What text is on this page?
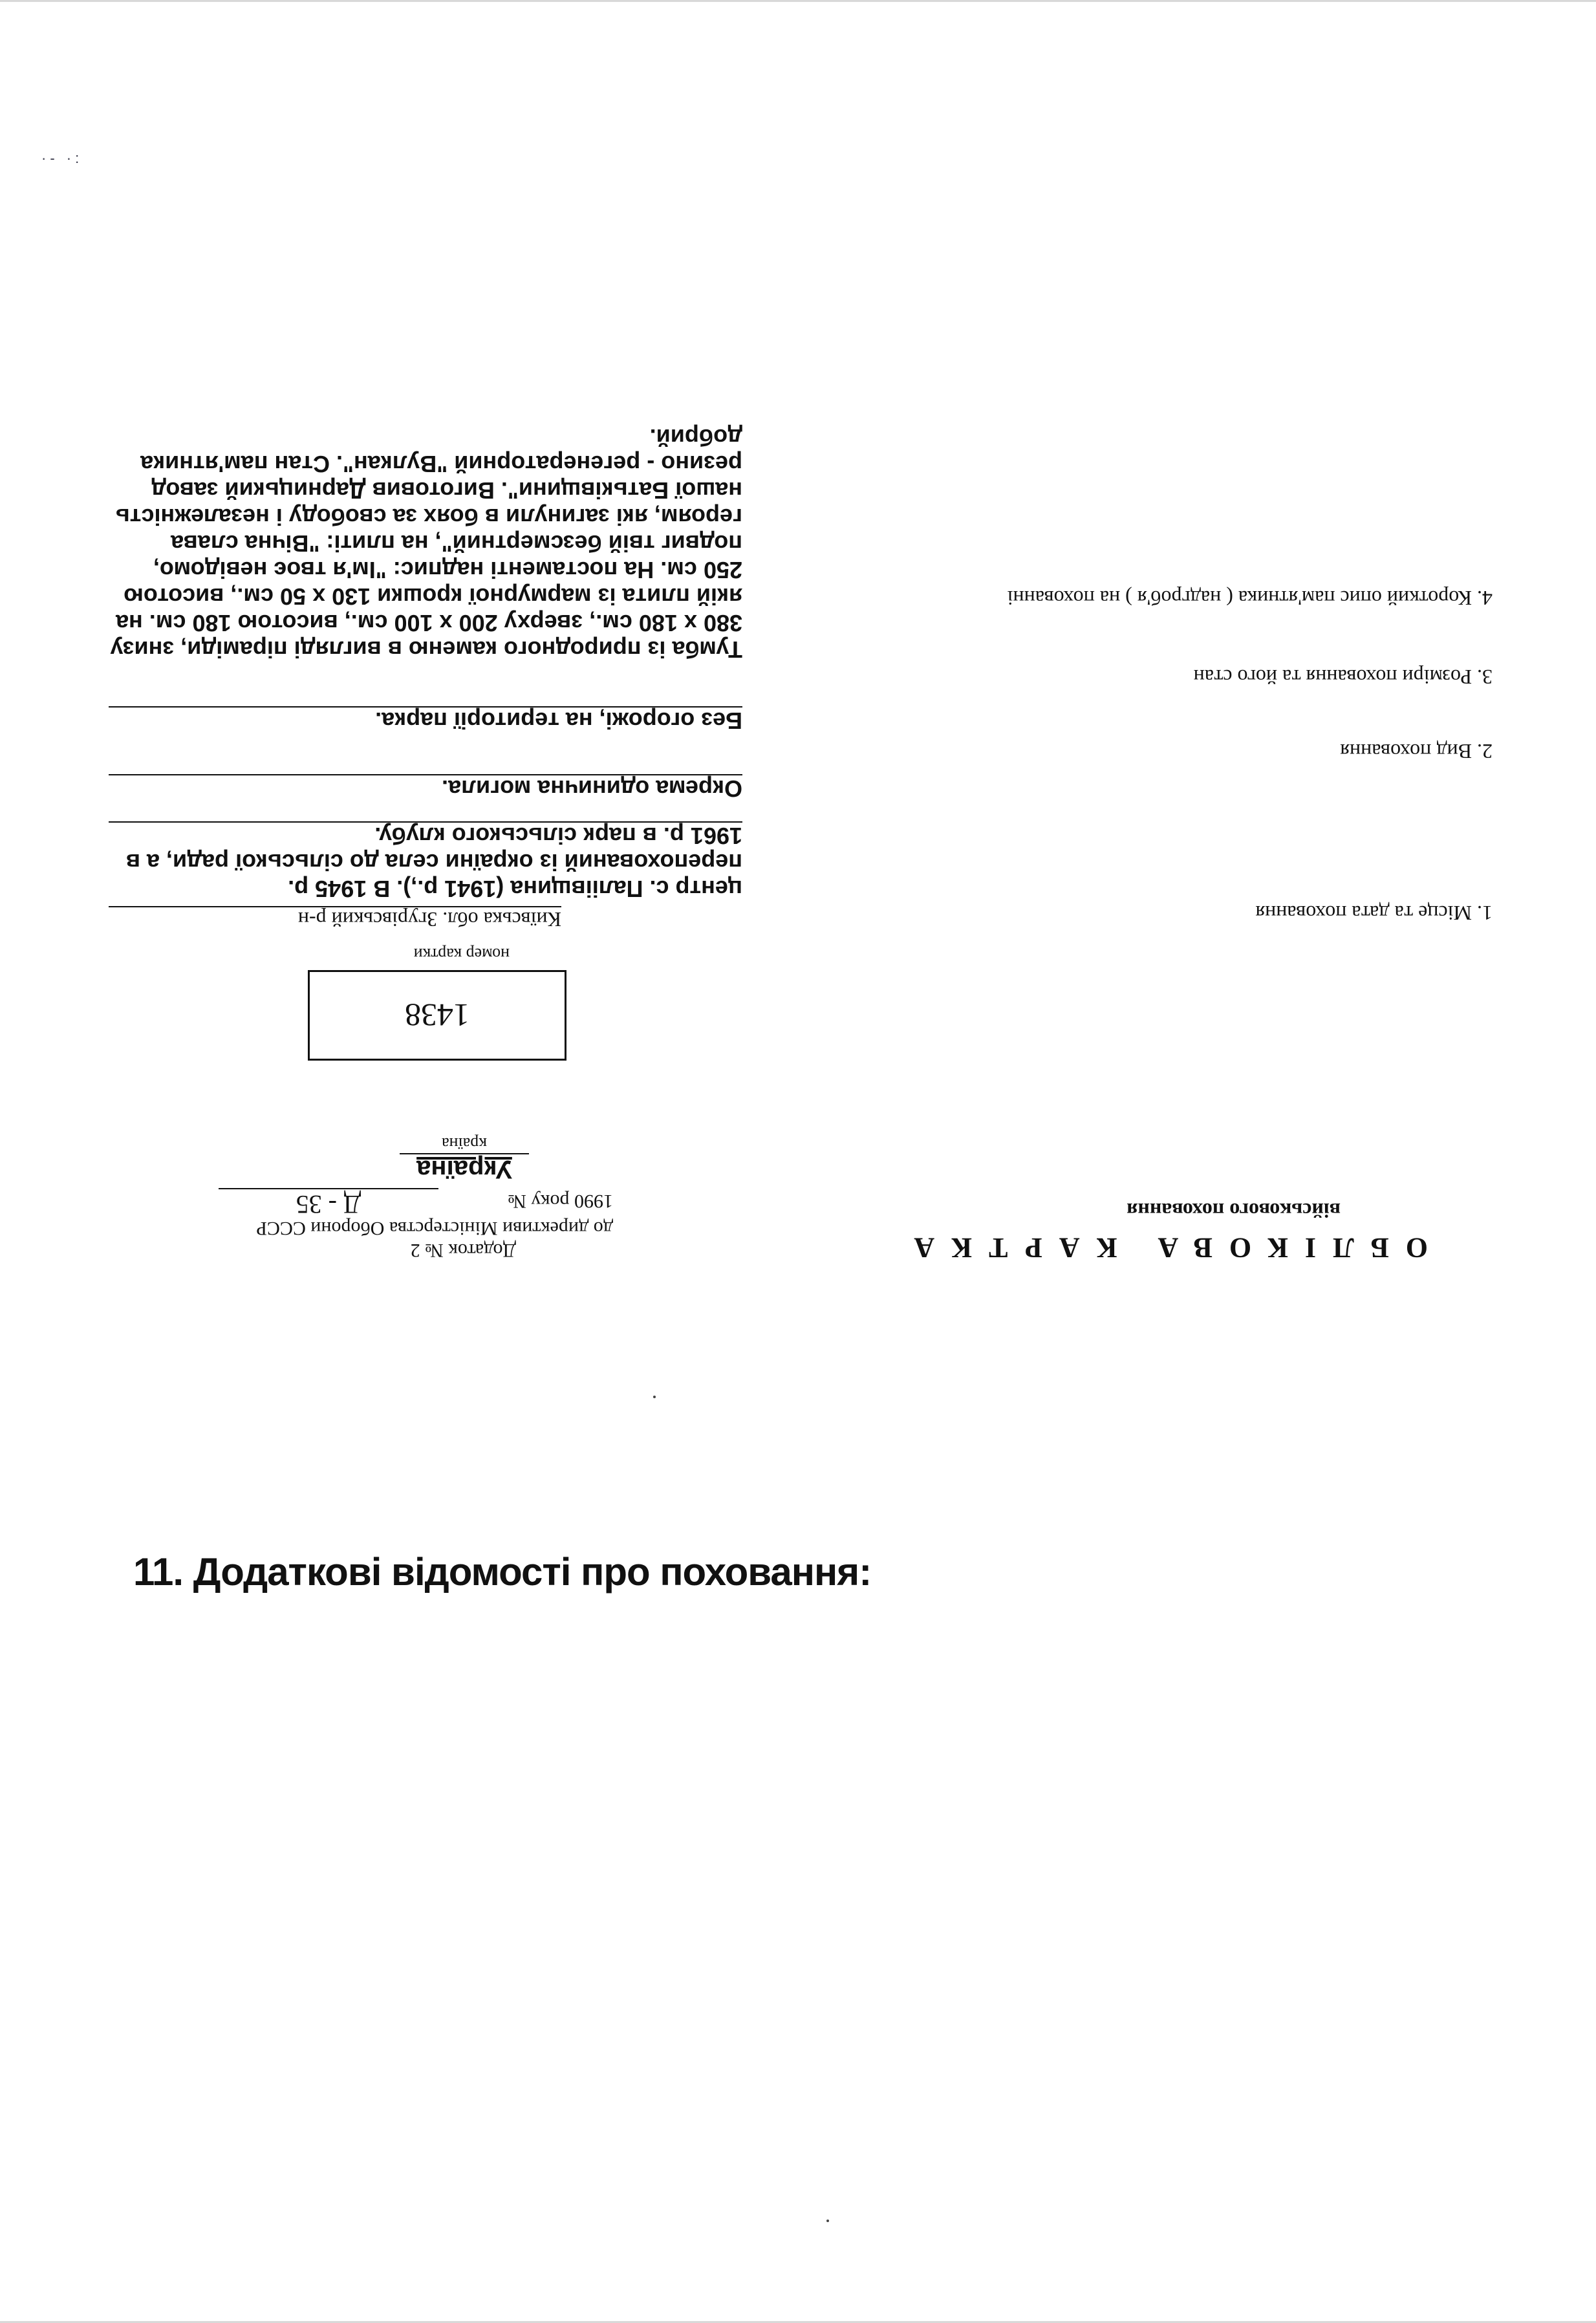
·- ·:
ОБЛІКОВА КАРТКА
військового поховання
Додаток № 2
до директиви Міністерства Оборони СССР
1990 року №
Д - 35
Україна
країна
1438
номер картки
1. Місце та дата поховання
2. Вид поховання
3. Розміри поховання та його стан
4. Короткий опис пам'ятника ( надгроб'я ) на похованні
Київська обл. Згурівський р-н

центр с. Паліівщина (1941 р.,). В 1945 р. перепохований із окраїни села до сільської ради, а в 1961 р. в парк сільського клубу.

Окрема одинична могила.

Без огорожі, на території парка.

Тумба із природного каменю в вигляді піраміди, знизу 380 х 180 см., зверху 200 х 100 см., висотою 180 см. на якій плита із мармурної крошки 130 х 50 см., висотою 250 см. На постаменті надпис: "Ім'я твоє невідомо, подвиг твій безсмертний", на плиті: "Вічна слава героям, які загинули в боях за свободу і незалежність нашої Батьківщини". Виготовив Дарницький завод резино - регенераторний "Вулкан". Стан пам'ятника добрий.

11. Додаткові відомості про поховання:
